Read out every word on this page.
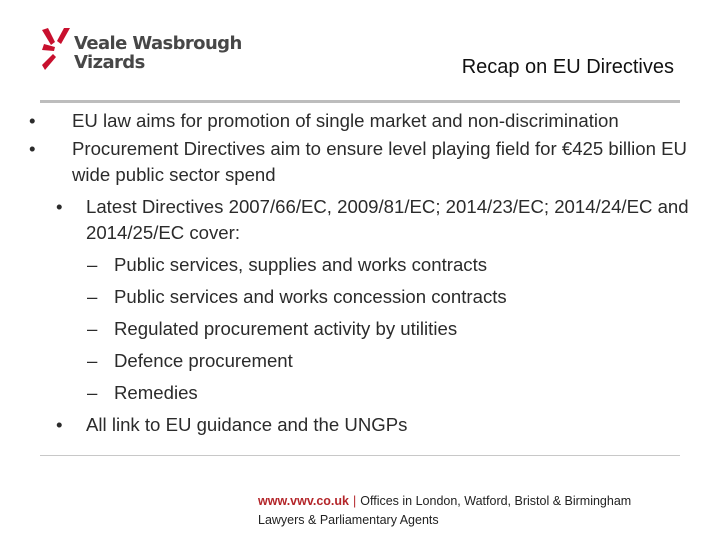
Veale Wasbrough
Vizards	Recap on EU Directives
• EU law aims for promotion of single market and non-discrimination
• Procurement Directives aim to ensure level playing field for €425 billion EU wide public sector spend
• Latest Directives 2007/66/EC, 2009/81/EC; 2014/23/EC; 2014/24/EC and 2014/25/EC cover:
– Public services, supplies and works contracts
– Public services and works concession contracts
– Regulated procurement activity by utilities
– Defence procurement
– Remedies
• All link to EU guidance and the UNGPs
www.vwv.co.uk | Offices in London, Watford, Bristol & Birmingham
Lawyers & Parliamentary Agents
